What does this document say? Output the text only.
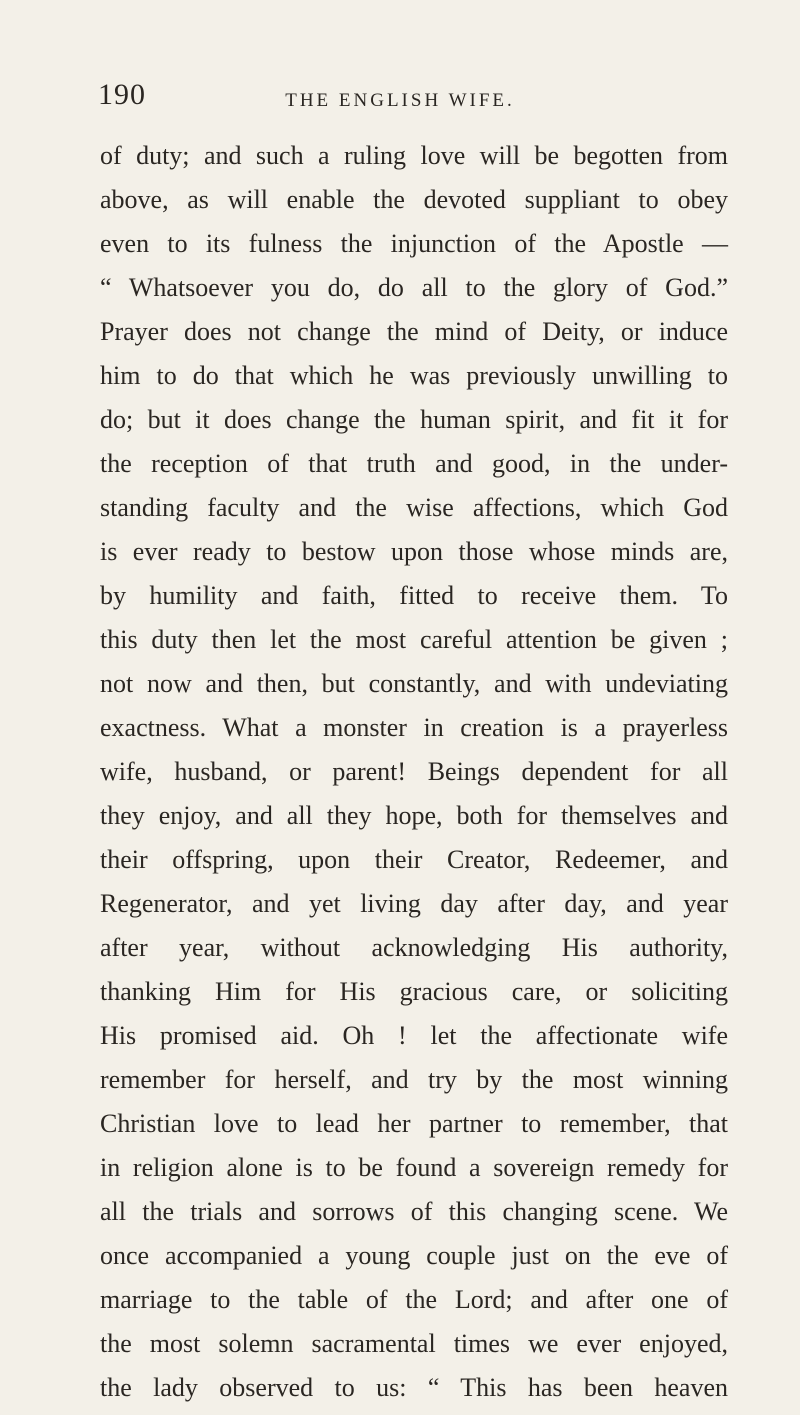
190	THE ENGLISH WIFE.
of duty; and such a ruling love will be begotten from
above, as will enable the devoted suppliant to obey
even to its fulness the injunction of the Apostle —
“ Whatsoever you do, do all to the glory of God.”
Prayer does not change the mind of Deity, or induce
him to do that which he was previously unwilling to
do; but it does change the human spirit, and fit it for
the reception of that truth and good, in the under-
standing faculty and the wise affections, which God
is ever ready to bestow upon those whose minds are,
by humility and faith, fitted to receive them. To
this duty then let the most careful attention be given ;
not now and then, but constantly, and with undeviating
exactness. What a monster in creation is a prayerless
wife, husband, or parent! Beings dependent for all
they enjoy, and all they hope, both for themselves and
their offspring, upon their Creator, Redeemer, and
Regenerator, and yet living day after day, and year
after year, without acknowledging His authority,
thanking Him for His gracious care, or soliciting
His promised aid. Oh ! let the affectionate wife
remember for herself, and try by the most winning
Christian love to lead her partner to remember, that
in religion alone is to be found a sovereign remedy for
all the trials and sorrows of this changing scene. We
once accompanied a young couple just on the eve of
marriage to the table of the Lord; and after one of
the most solemn sacramental times we ever enjoyed,
the lady observed to us: “ This has been heaven
